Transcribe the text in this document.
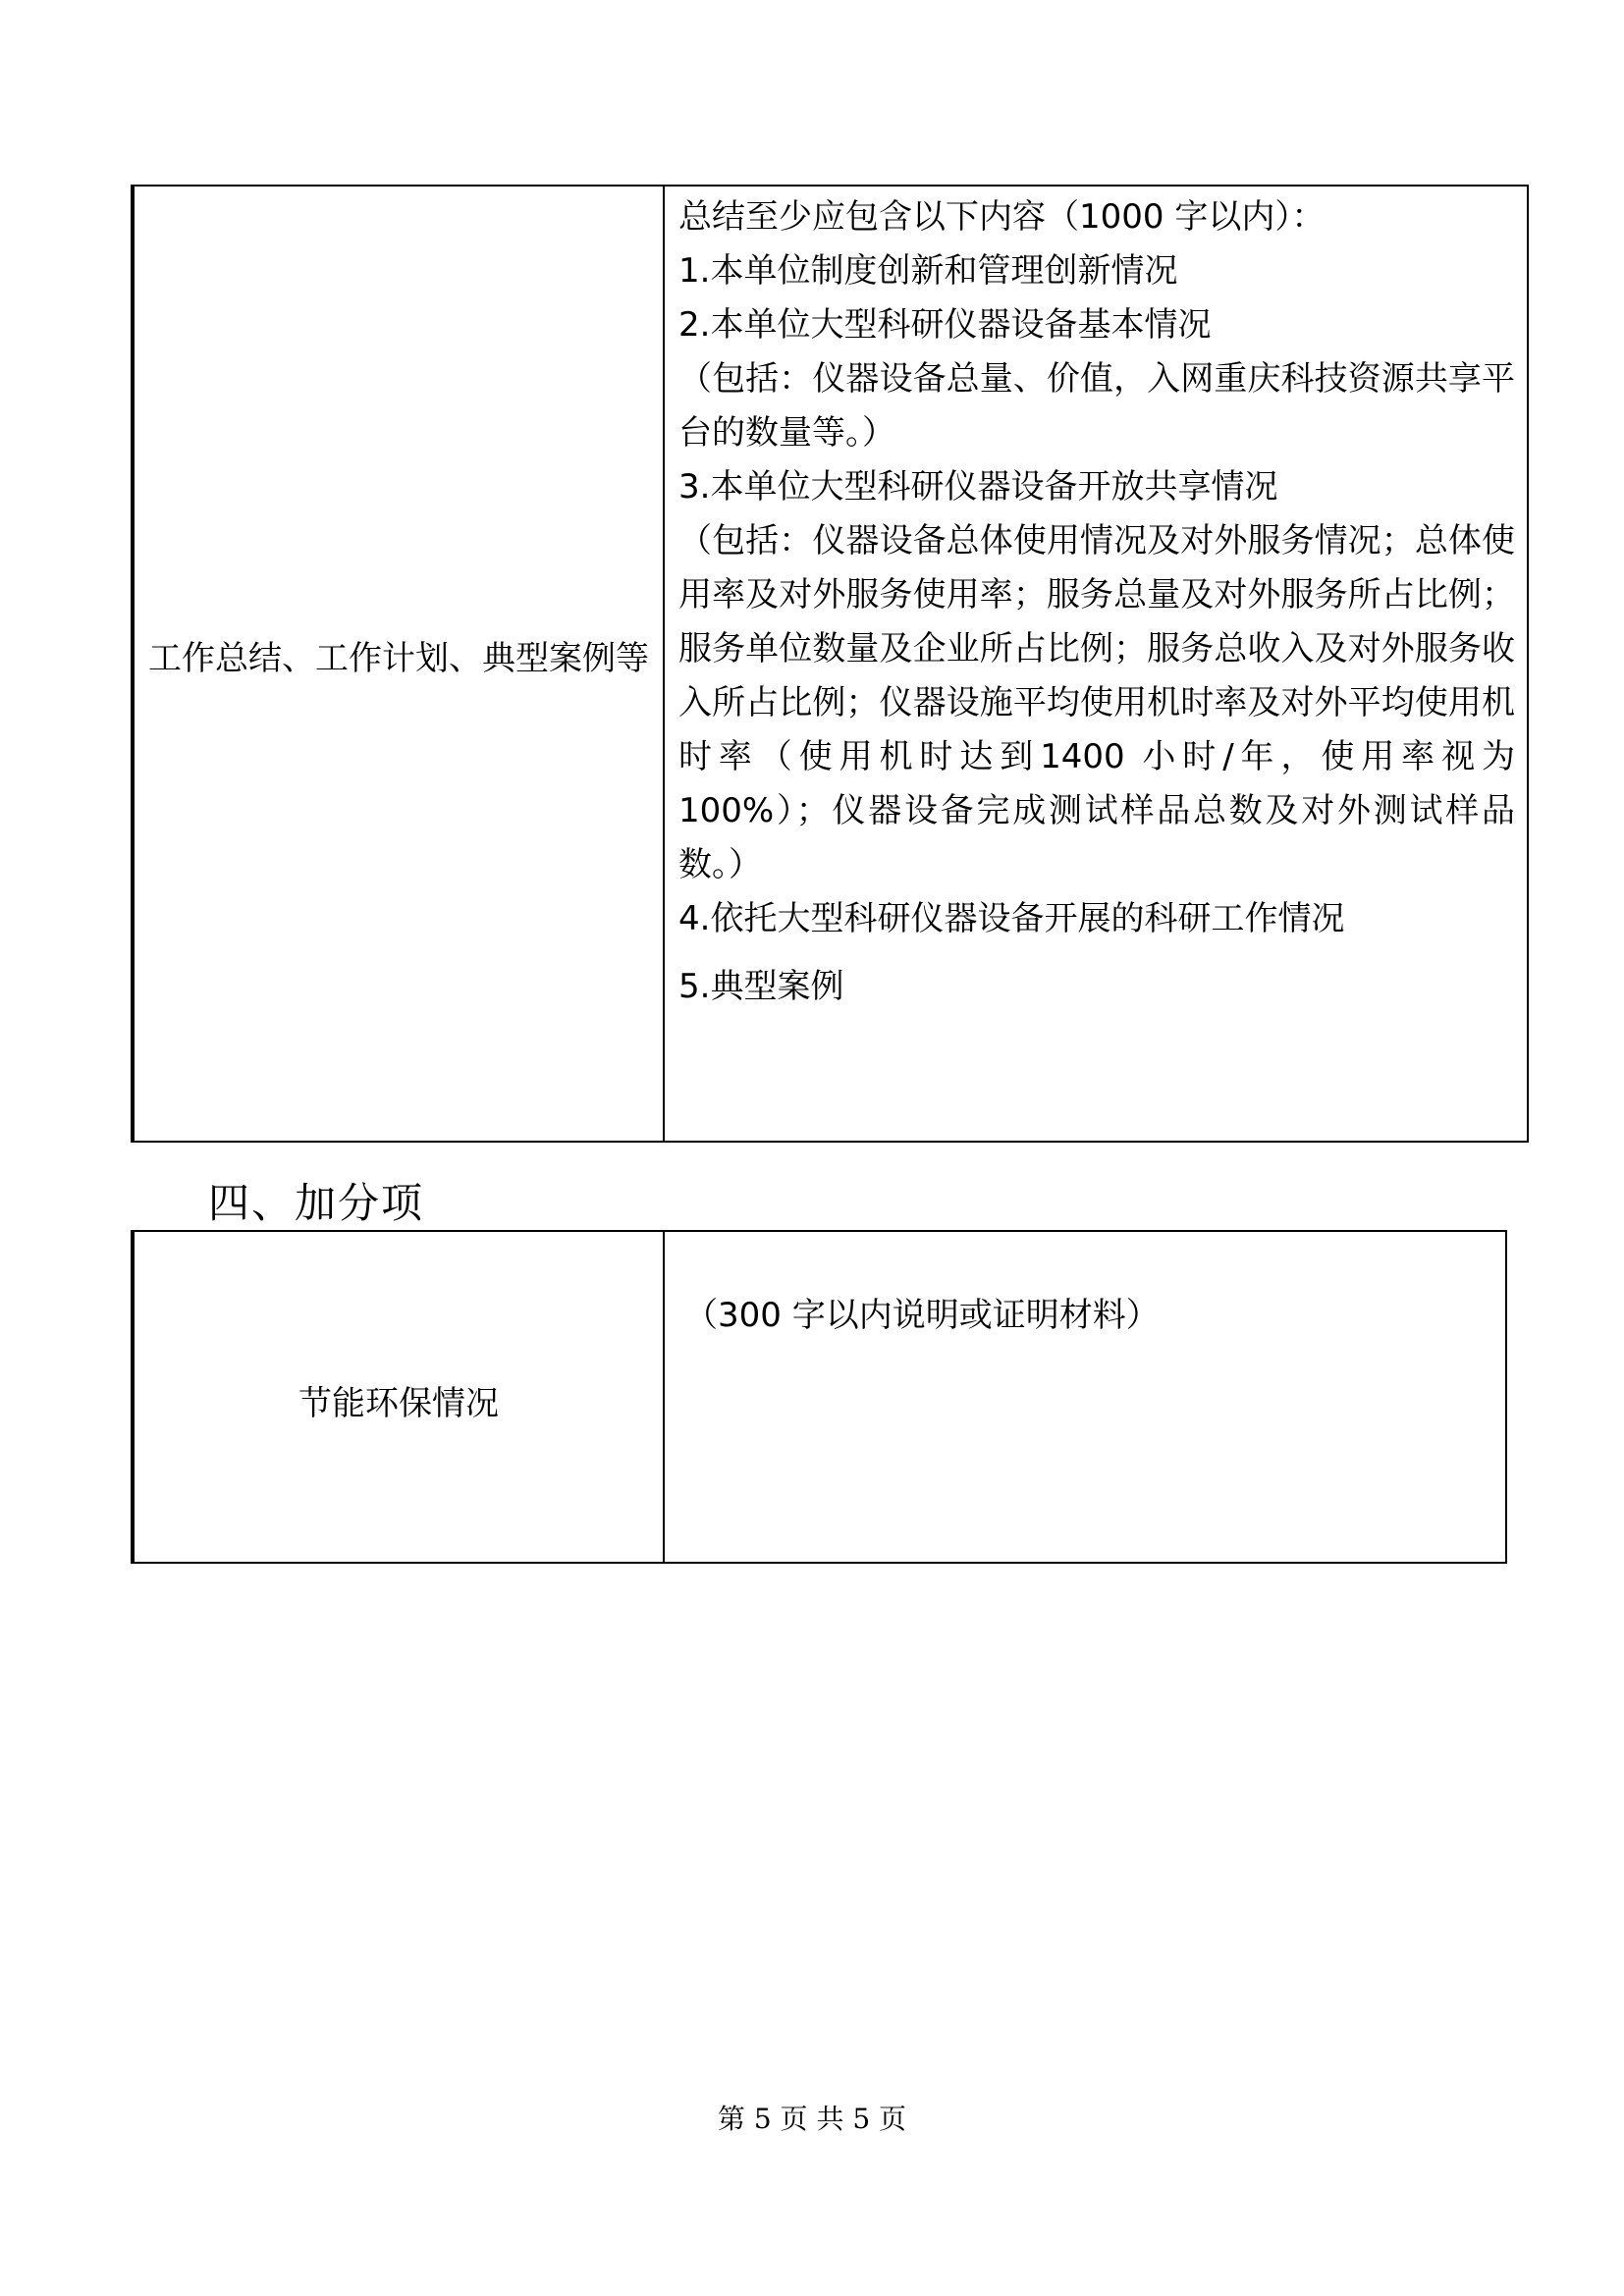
工作总结、工作计划、典型案例等

总结至少应包含以下内容（1000 字以内）：

1.本单位制度创新和管理创新情况

2.本单位大型科研仪器设备基本情况

（包括：仪器设备总量、价值，入网重庆科技资源共享平台的数量等。）

3.本单位大型科研仪器设备开放共享情况

（包括：仪器设备总体使用情况及对外服务情况；总体使用率及对外服务使用率；服务总量及对外服务所占比例；服务单位数量及企业所占比例；服务总收入及对外服务收入所占比例；仪器设施平均使用机时率及对外平均使用机时率（使用机时达到1400 小时/年，使用率视为 100%）；仪器设备完成测试样品总数及对外测试样品数。）

4.依托大型科研仪器设备开展的科研工作情况

5.典型案例

四、加分项
节能环保情况
（300 字以内说明或证明材料）
第 5 页 共 5 页
